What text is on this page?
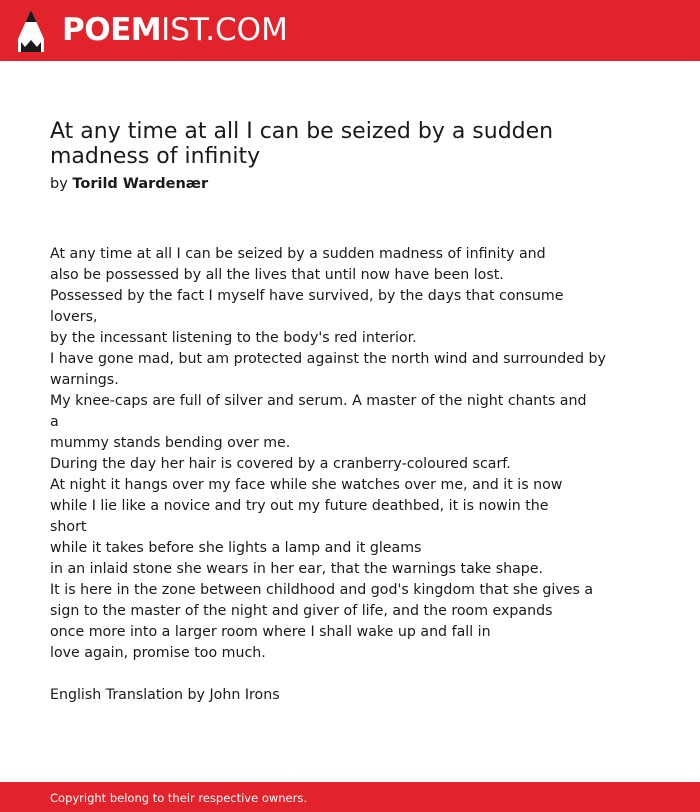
POEMIST.COM
At any time at all I can be seized by a sudden madness of infinity
by Torild Wardenær
At any time at all I can be seized by a sudden madness of infinity and
also be possessed by all the lives that until now have been lost.
Possessed by the fact I myself have survived, by the days that consume
lovers,
by the incessant listening to the body's red interior.
I have gone mad, but am protected against the north wind and surrounded by
warnings.
My knee-caps are full of silver and serum. A master of the night chants and
a
mummy stands bending over me.
During the day her hair is covered by a cranberry-coloured scarf.
At night it hangs over my face while she watches over me, and it is now
while I lie like a novice and try out my future deathbed, it is nowin the
short
while it takes before she lights a lamp and it gleams
in an inlaid stone she wears in her ear, that the warnings take shape.
It is here in the zone between childhood and god's kingdom that she gives a
sign to the master of the night and giver of life, and the room expands
once more into a larger room where I shall wake up and fall in
love again, promise too much.
English Translation by John Irons
Copyright belong to their respective owners.
